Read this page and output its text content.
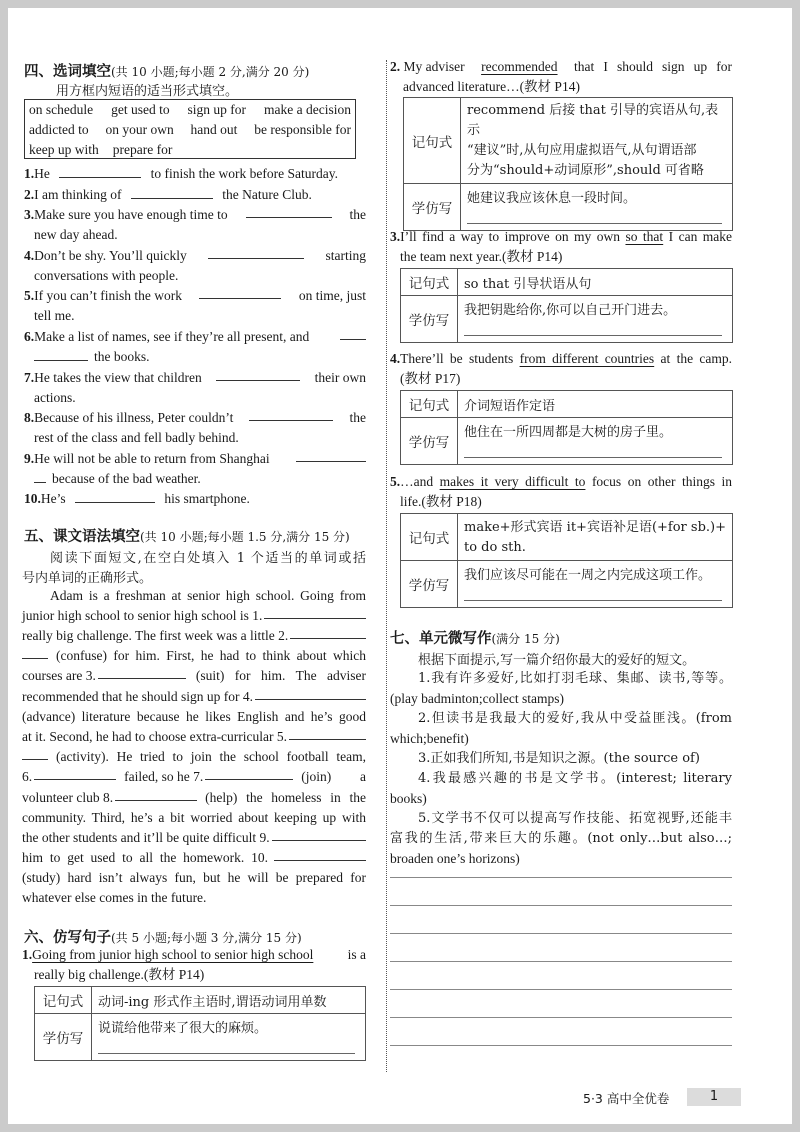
四、选词填空(共 10 小题;每小题 2 分,满分 20 分)
用方框内短语的适当形式填空。
on schedule get used to sign up for make a decision
addicted to on your own hand out be responsible for
keep up with prepare for
1.He	to finish the work before Saturday.
2.I am thinking of	the Nature Club.
3.Make sure you have enough time to	the
new day ahead.
4.Don’t be shy. You’ll quickly	starting
conversations with people.
5.If you can’t finish the work	on time, just
tell me.
6.Make a list of names, see if they’re all present, and
the books.
7.He takes the view that children	their own
actions.
8.Because of his illness, Peter couldn’t	the
rest of the class and fell badly behind.
9.He will not be able to return from Shanghai
because of the bad weather.
10.He’s	his smartphone.
五、课文语法填空(共 10 小题;每小题 1.5 分,满分 15 分)
阅读下面短文,在空白处填入 1 个适当的单词或括
号内单词的正确形式。
Adam is a freshman at senior high school. Going from
junior high school to senior high school is 1.
really big challenge. The first week was a little 2.
(confuse) for him. First, he had to think about which
courses are 3.	(suit) for him. The adviser
recommended that he should sign up for 4.
(advance) literature because he likes English and he’s good
at it. Second, he had to choose extra-curricular 5.
(activity). He tried to join the school football team,
6.	failed, so he 7.	(join) a
volunteer club 8.	(help) the homeless in the
community. Third, he’s a bit worried about keeping up with
the other students and it’ll be quite difficult 9.
him to get used to all the homework. 10.
(study) hard isn’t always fun, but he will be prepared for
whatever else comes in the future.
六、仿写句子(共 5 小题;每小题 3 分,满分 15 分)
1.Going from junior high school to senior high school	is a
really big challenge.(教材 P14)
记句式	动词-ing 形式作主语时,谓语动词用单数
学仿写	说谎给他带来了很大的麻烦。
2. My adviser recommended that I should sign up for
advanced literature…(教材 P14)
记句式	recommend 后接 that 引导的宾语从句,表示
“建议”时,从句应用虚拟语气,从句谓语部
分为“should+动词原形”,should 可省略

学仿写	她建议我应该休息一段时间。
3. I’ll find a way to improve on my own so that I can make
the team next year.(教材 P14)
记句式	so that 引导状语从句
学仿写	我把钥匙给你,你可以自己开门进去。
4. There’ll be students from different countries at the camp.
(教材 P17)
记句式	介词短语作定语
学仿写	他住在一所四周都是大树的房子里。
5. …and makes it very difficult to focus on other things in
life.(教材 P18)
记句式	make+形式宾语 it+宾语补足语(+for sb.)+
to do sth.

学仿写	我们应该尽可能在一周之内完成这项工作。
七、单元微写作(满分 15 分)
根据下面提示,写一篇介绍你最大的爱好的短文。
1.我有许多爱好,比如打羽毛球、集邮、读书,等等。
(play badminton;collect stamps)
2.但读书是我最大的爱好,我从中受益匪浅。(from
which;benefit)
3.正如我们所知,书是知识之源。(the source of)
4.我最感兴趣的书是文学书。(interest; literary
books)
5.文学书不仅可以提高写作技能、拓宽视野,还能丰
富我的生活,带来巨大的乐趣。(not only…but also…;
broaden one’s horizons)
5·3 高中全优卷	1
